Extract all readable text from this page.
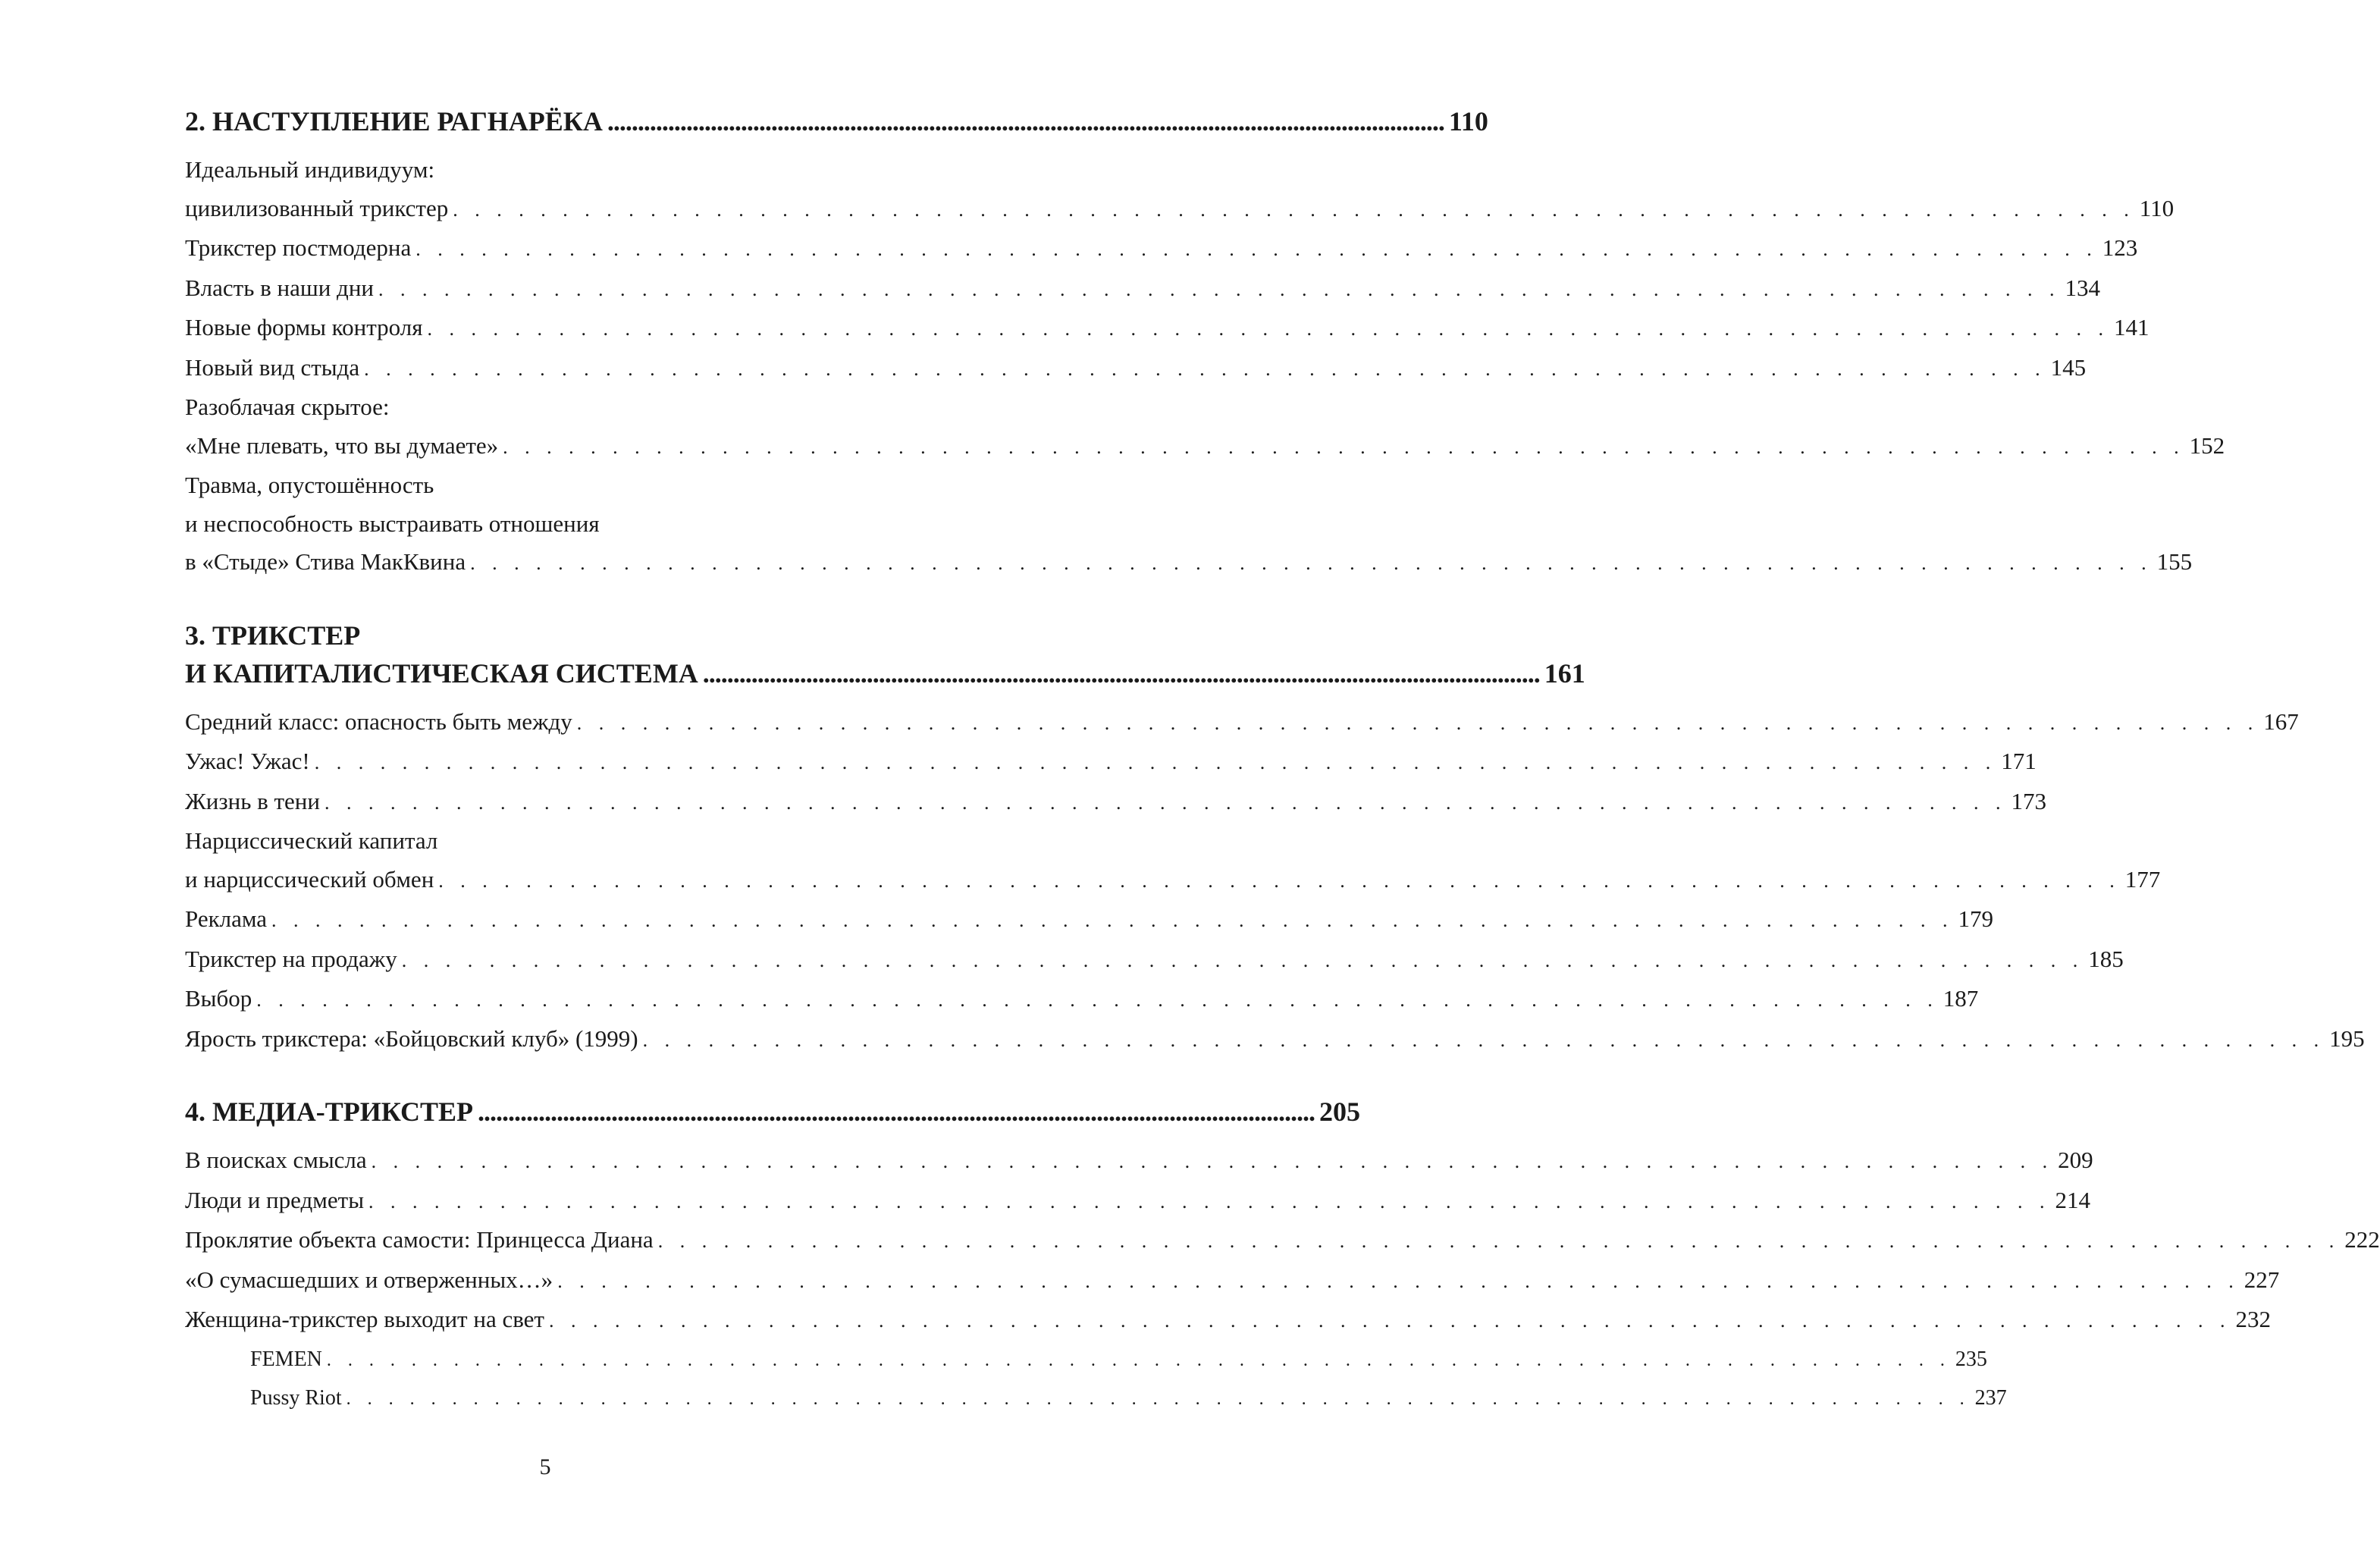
2. НАСТУПЛЕНИЕ РАГНАРЁКА .......................................................................................................................................... 110
Идеальный индивидуум:
цивилизованный трикстер . . . . . . . . . . . . . . . . . . . . . . . . . . . . . . . . . . . . . . . . . . . . . . . . . . . . . . . . . . . . . . . . . . . . . . . . . . . . . 110
Трикстер постмодерна . . . . . . . . . . . . . . . . . . . . . . . . . . . . . . . . . . . . . . . . . . . . . . . . . . . . . . . . . . . . . . . . . . . . . . . . . . . . . 123
Власть в наши дни . . . . . . . . . . . . . . . . . . . . . . . . . . . . . . . . . . . . . . . . . . . . . . . . . . . . . . . . . . . . . . . . . . . . . . . . . . . . . 134
Новые формы контроля . . . . . . . . . . . . . . . . . . . . . . . . . . . . . . . . . . . . . . . . . . . . . . . . . . . . . . . . . . . . . . . . . . . . . . . . . . . . . 141
Новый вид стыда . . . . . . . . . . . . . . . . . . . . . . . . . . . . . . . . . . . . . . . . . . . . . . . . . . . . . . . . . . . . . . . . . . . . . . . . . . . . . 145
Разоблачая скрытое:
«Мне плевать, что вы думаете» . . . . . . . . . . . . . . . . . . . . . . . . . . . . . . . . . . . . . . . . . . . . . . . . . . . . . . . . . . . . . . . . . . . . . . . . . . . . . 152
Травма, опустошённость
и неспособность выстраивать отношения
в «Стыде» Стива МакКвина . . . . . . . . . . . . . . . . . . . . . . . . . . . . . . . . . . . . . . . . . . . . . . . . . . . . . . . . . . . . . . . . . . . . . . . . . . . . . 155
3. ТРИКСТЕР
И КАПИТАЛИСТИЧЕСКАЯ СИСТЕМА .......................................................................................................................................... 161
Средний класс: опасность быть между . . . . . . . . . . . . . . . . . . . . . . . . . . . . . . . . . . . . . . . . . . . . . . . . . . . . . . . . . . . . . . . . . . . . . . . . . . . . . 167
Ужас! Ужас! . . . . . . . . . . . . . . . . . . . . . . . . . . . . . . . . . . . . . . . . . . . . . . . . . . . . . . . . . . . . . . . . . . . . . . . . . . . . . 171
Жизнь в тени . . . . . . . . . . . . . . . . . . . . . . . . . . . . . . . . . . . . . . . . . . . . . . . . . . . . . . . . . . . . . . . . . . . . . . . . . . . . . 173
Нарциссический капитал
и нарциссический обмен . . . . . . . . . . . . . . . . . . . . . . . . . . . . . . . . . . . . . . . . . . . . . . . . . . . . . . . . . . . . . . . . . . . . . . . . . . . . . 177
Реклама . . . . . . . . . . . . . . . . . . . . . . . . . . . . . . . . . . . . . . . . . . . . . . . . . . . . . . . . . . . . . . . . . . . . . . . . . . . . . 179
Трикстер на продажу . . . . . . . . . . . . . . . . . . . . . . . . . . . . . . . . . . . . . . . . . . . . . . . . . . . . . . . . . . . . . . . . . . . . . . . . . . . . . 185
Выбор . . . . . . . . . . . . . . . . . . . . . . . . . . . . . . . . . . . . . . . . . . . . . . . . . . . . . . . . . . . . . . . . . . . . . . . . . . . . . 187
Ярость трикстера: «Бойцовский клуб» (1999) . . . . . . . . . . . . . . . . . . . . . . . . . . . . . . . . . . . . . . . . . . . . . . . . . . . . . . . . . . . . . . . . . . . . . . . . . . . . . 195
4. МЕДИА-ТРИКСТЕР .......................................................................................................................................... 205
В поисках смысла . . . . . . . . . . . . . . . . . . . . . . . . . . . . . . . . . . . . . . . . . . . . . . . . . . . . . . . . . . . . . . . . . . . . . . . . . . . . . 209
Люди и предметы . . . . . . . . . . . . . . . . . . . . . . . . . . . . . . . . . . . . . . . . . . . . . . . . . . . . . . . . . . . . . . . . . . . . . . . . . . . . . 214
Проклятие объекта самости: Принцесса Диана . . . . . . . . . . . . . . . . . . . . . . . . . . . . . . . . . . . . . . . . . . . . . . . . . . . . . . . . . . . . . . . . . . . . . . . . . . . . . 222
«О сумасшедших и отверженных…» . . . . . . . . . . . . . . . . . . . . . . . . . . . . . . . . . . . . . . . . . . . . . . . . . . . . . . . . . . . . . . . . . . . . . . . . . . . . . 227
Женщина-трикстер выходит на свет . . . . . . . . . . . . . . . . . . . . . . . . . . . . . . . . . . . . . . . . . . . . . . . . . . . . . . . . . . . . . . . . . . . . . . . . . . . . . 232
FEMEN . . . . . . . . . . . . . . . . . . . . . . . . . . . . . . . . . . . . . . . . . . . . . . . . . . . . . . . . . . . . . . . . . . . . . . . . . . . . . 235
Pussy Riot . . . . . . . . . . . . . . . . . . . . . . . . . . . . . . . . . . . . . . . . . . . . . . . . . . . . . . . . . . . . . . . . . . . . . . . . . . . . . 237
5
